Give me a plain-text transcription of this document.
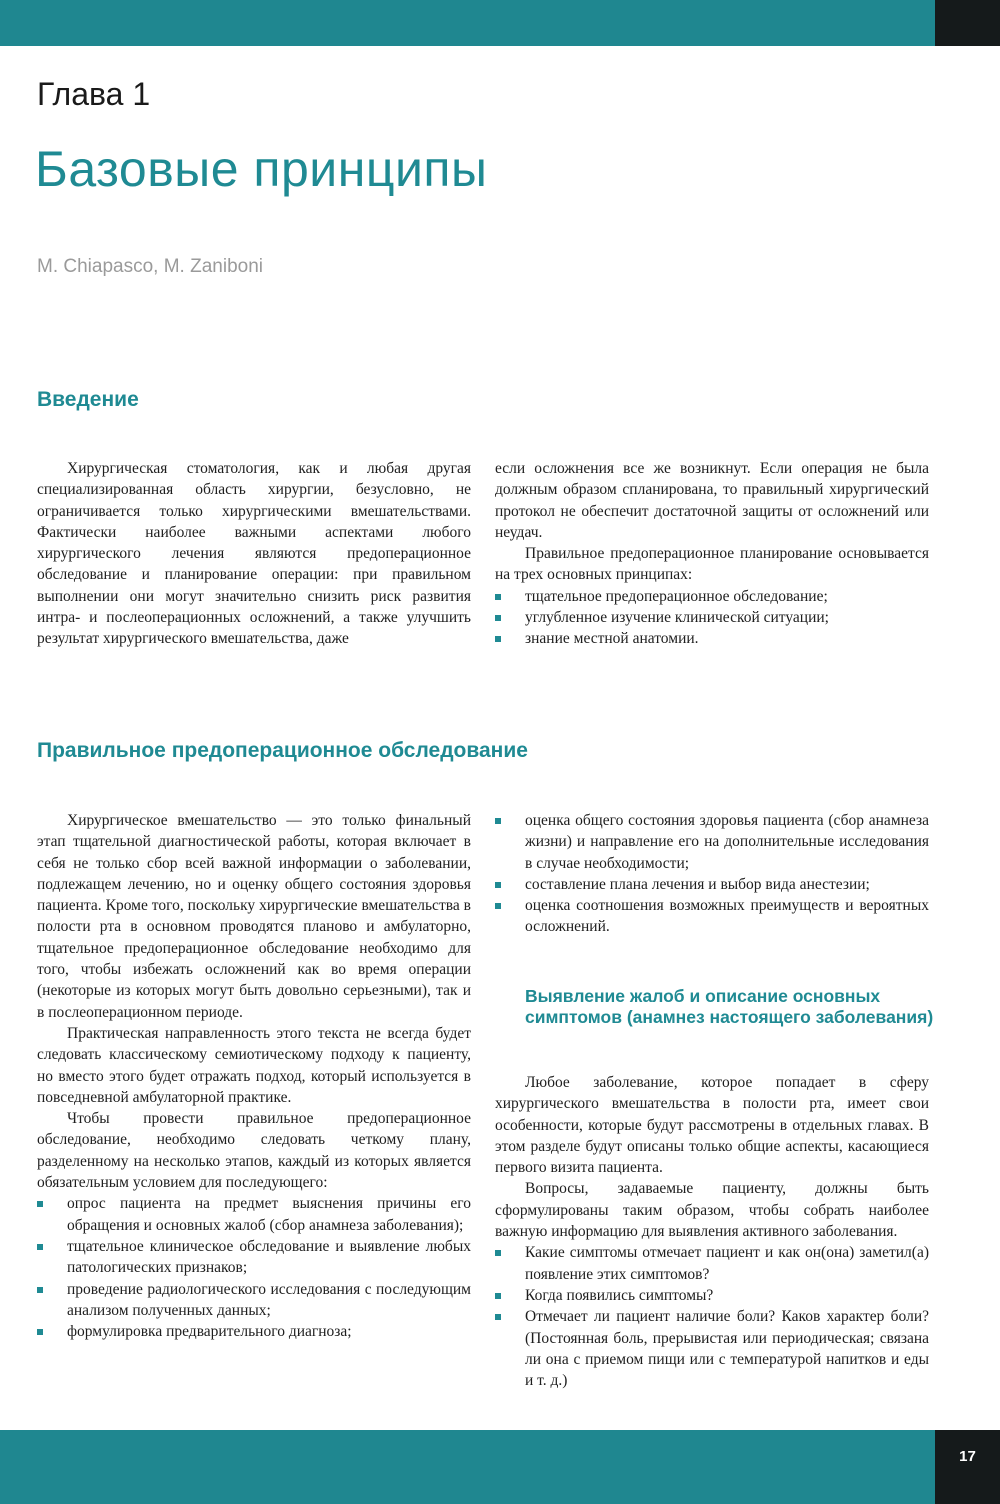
Глава 1
Базовые принципы
M. Chiapasco, M. Zaniboni
Введение

Хирургическая стоматология, как и любая другая специализированная область хирургии, безусловно, не ограничивается только хирургическими вмешательствами. Фактически наиболее важными аспектами любого хирургического лечения являются предоперационное обследование и планирование операции: при правильном выполнении они могут значительно снизить риск развития интра- и послеоперационных осложнений, а также улучшить результат хирургического вмешательства, даже

если осложнения все же возникнут. Если операция не была должным образом спланирована, то правильный хирургический протокол не обеспечит достаточной защиты от осложнений или неудач.

Правильное предоперационное планирование основывается на трех основных принципах:

тщательное предоперационное обследование;
углубленное изучение клинической ситуации;
знание местной анатомии.
Правильное предоперационное обследование

Хирургическое вмешательство — это только финальный этап тщательной диагностической работы, которая включает в себя не только сбор всей важной информации о заболевании, подлежащем лечению, но и оценку общего состояния здоровья пациента. Кроме того, поскольку хирургические вмешательства в полости рта в основном проводятся планово и амбулаторно, тщательное предоперационное обследование необходимо для того, чтобы избежать осложнений как во время операции (некоторые из которых могут быть довольно серьезными), так и в послеоперационном периоде.

Практическая направленность этого текста не всегда будет следовать классическому семиотическому подходу к пациенту, но вместо этого будет отражать подход, который используется в повседневной амбулаторной практике.

Чтобы провести правильное предоперационное обследование, необходимо следовать четкому плану, разделенному на несколько этапов, каждый из которых является обязательным условием для последующего:

опрос пациента на предмет выяснения причины его обращения и основных жалоб (сбор анамнеза заболевания);
тщательное клиническое обследование и выявление любых патологических признаков;
проведение радиологического исследования с последующим анализом полученных данных;
формулировка предварительного диагноза;
оценка общего состояния здоровья пациента (сбор анамнеза жизни) и направление его на дополнительные исследования в случае необходимости;
составление плана лечения и выбор вида анестезии;
оценка соотношения возможных преимуществ и вероятных осложнений.
Выявление жалоб и описание основных симптомов (анамнез настоящего заболевания)

Любое заболевание, которое попадает в сферу хирургического вмешательства в полости рта, имеет свои особенности, которые будут рассмотрены в отдельных главах. В этом разделе будут описаны только общие аспекты, касающиеся первого визита пациента.

Вопросы, задаваемые пациенту, должны быть сформулированы таким образом, чтобы собрать наиболее важную информацию для выявления активного заболевания.

Какие симптомы отмечает пациент и как он(она) заметил(а) появление этих симптомов?
Когда появились симптомы?
Отмечает ли пациент наличие боли? Каков характер боли? (Постоянная боль, прерывистая или периодическая; связана ли она с приемом пищи или с температурой напитков и еды и т. д.)
17
